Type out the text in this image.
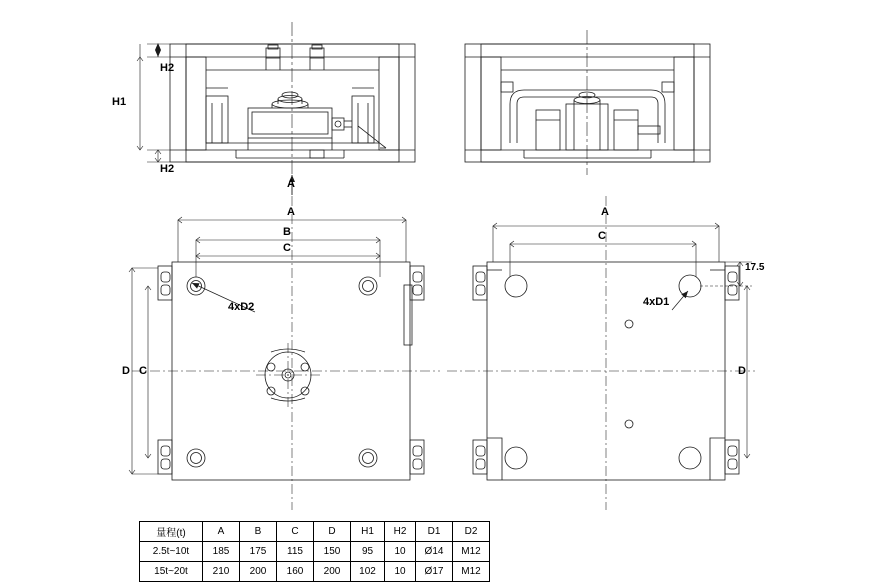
H2
H1
H2
A
A
B
C
D C
4xD2
A
C
D
17.5
4xD1
量程(t)	A	B	C	D	H1	H2	D1	D2
2.5t~10t	185	175	115	150	95	10	Ø14	M12
15t~20t	210	200	160	200	102	10	Ø17	M12
